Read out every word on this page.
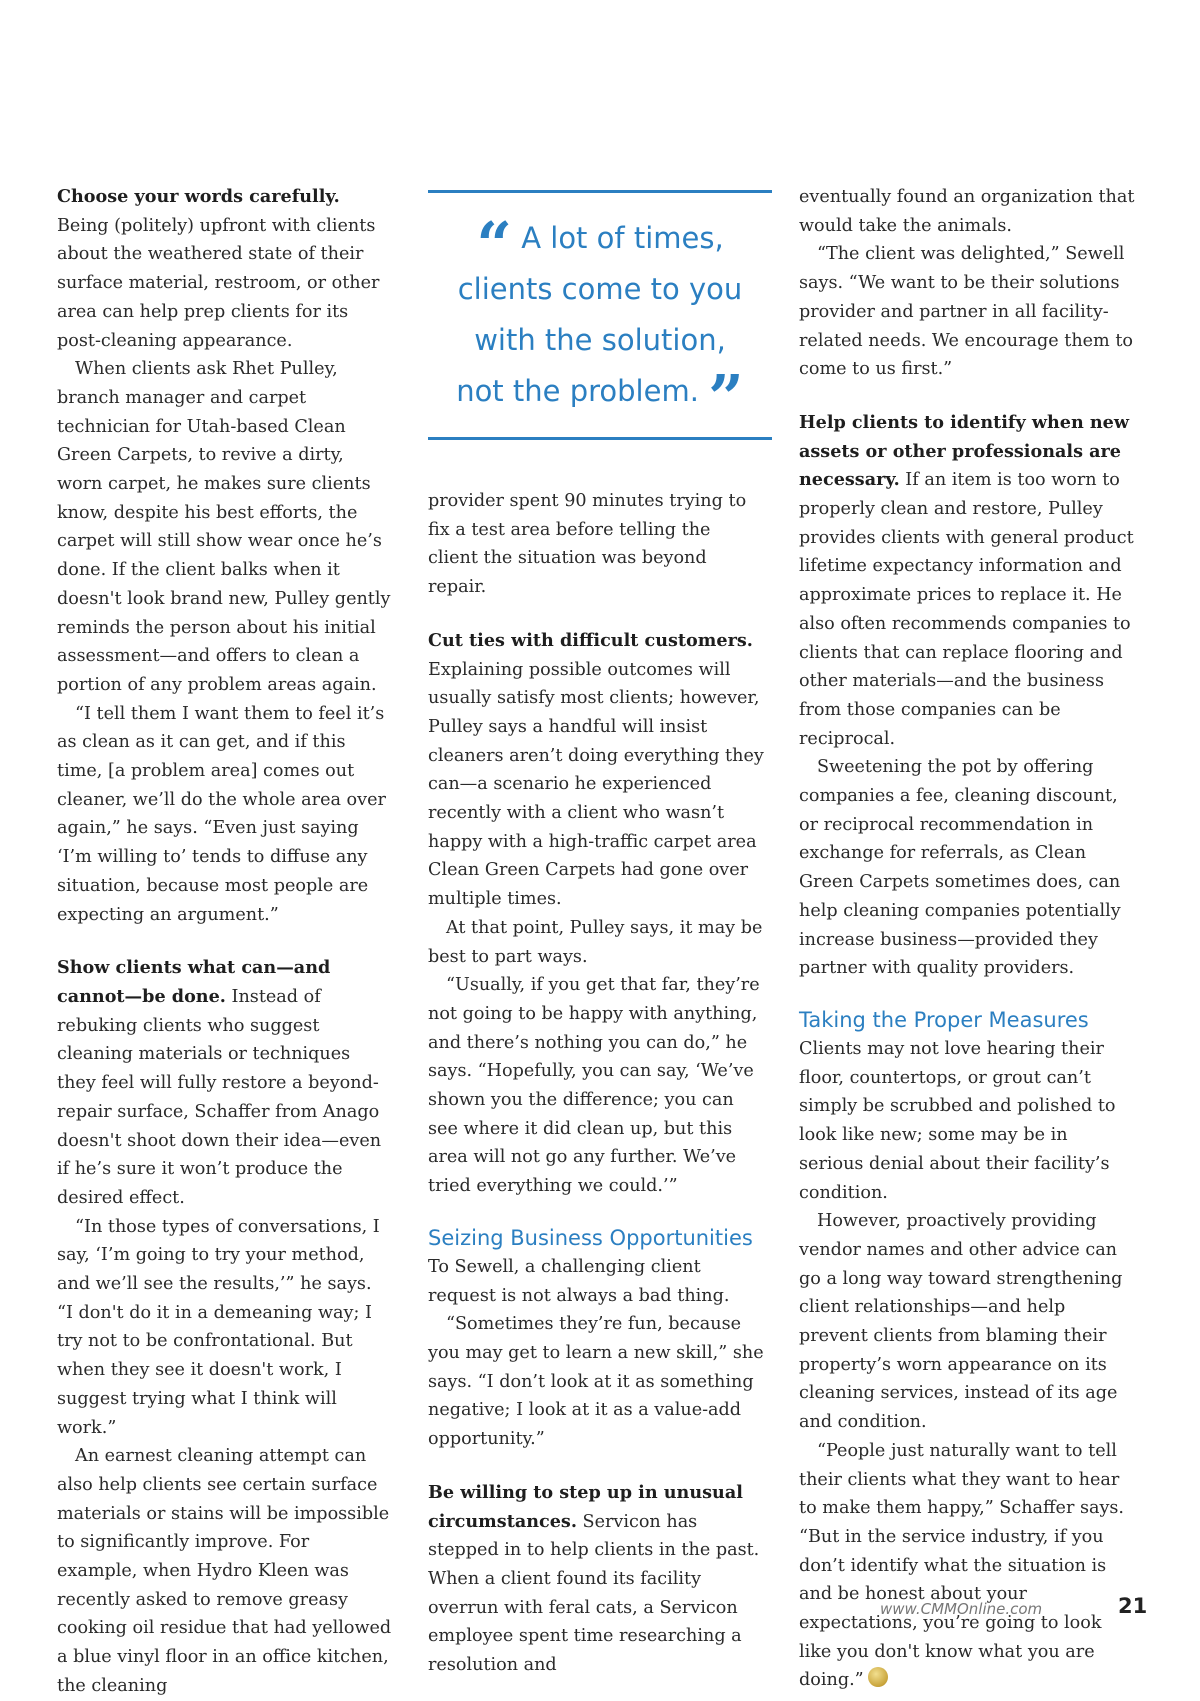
Choose your words carefully. Being (politely) upfront with clients about the weathered state of their surface material, restroom, or other area can help prep clients for its post-cleaning appearance.

When clients ask Rhet Pulley, branch manager and carpet technician for Utah-based Clean Green Carpets, to revive a dirty, worn carpet, he makes sure clients know, despite his best efforts, the carpet will still show wear once he’s done. If the client balks when it doesn't look brand new, Pulley gently reminds the person about his initial assessment—and offers to clean a portion of any problem areas again.

“I tell them I want them to feel it’s as clean as it can get, and if this time, [a problem area] comes out cleaner, we’ll do the whole area over again,” he says. “Even just saying ‘I’m willing to’ tends to diffuse any situation, because most people are expecting an argument.”

Show clients what can—and cannot—be done. Instead of rebuking clients who suggest cleaning materials or techniques they feel will fully restore a beyond-repair surface, Schaffer from Anago doesn't shoot down their idea—even if he’s sure it won’t produce the desired effect.

“In those types of conversations, I say, ‘I’m going to try your method, and we’ll see the results,’” he says. “I don't do it in a demeaning way; I try not to be confrontational. But when they see it doesn't work, I suggest trying what I think will work.”

An earnest cleaning attempt can also help clients see certain surface materials or stains will be impossible to significantly improve. For example, when Hydro Kleen was recently asked to remove greasy cooking oil residue that had yellowed a blue vinyl floor in an office kitchen, the cleaning

“ A lot of times,
clients come to you
with the solution,
not the problem. ”

provider spent 90 minutes trying to fix a test area before telling the client the situation was beyond repair.

Cut ties with difficult customers. Explaining possible outcomes will usually satisfy most clients; however, Pulley says a handful will insist cleaners aren’t doing everything they can—a scenario he experienced recently with a client who wasn’t happy with a high-traffic carpet area Clean Green Carpets had gone over multiple times.

At that point, Pulley says, it may be best to part ways.

“Usually, if you get that far, they’re not going to be happy with anything, and there’s nothing you can do,” he says. “Hopefully, you can say, ‘We’ve shown you the difference; you can see where it did clean up, but this area will not go any further. We’ve tried everything we could.’”

Seizing Business Opportunities

To Sewell, a challenging client request is not always a bad thing.

“Sometimes they’re fun, because you may get to learn a new skill,” she says. “I don’t look at it as something negative; I look at it as a value-add opportunity.”

Be willing to step up in unusual circumstances. Servicon has stepped in to help clients in the past. When a client found its facility overrun with feral cats, a Servicon employee spent time researching a resolution and

eventually found an organization that would take the animals.

“The client was delighted,” Sewell says. “We want to be their solutions provider and partner in all facility-related needs. We encourage them to come to us first.”

Help clients to identify when new assets or other professionals are necessary. If an item is too worn to properly clean and restore, Pulley provides clients with general product lifetime expectancy information and approximate prices to replace it. He also often recommends companies to clients that can replace flooring and other materials—and the business from those companies can be reciprocal.

Sweetening the pot by offering companies a fee, cleaning discount, or reciprocal recommendation in exchange for referrals, as Clean Green Carpets sometimes does, can help cleaning companies potentially increase business—provided they partner with quality providers.

Taking the Proper Measures

Clients may not love hearing their floor, countertops, or grout can’t simply be scrubbed and polished to look like new; some may be in serious denial about their facility’s condition.

However, proactively providing vendor names and other advice can go a long way toward strengthening client relationships—and help prevent clients from blaming their property’s worn appearance on its cleaning services, instead of its age and condition.

“People just naturally want to tell their clients what they want to hear to make them happy,” Schaffer says. “But in the service industry, if you don’t identify what the situation is and be honest about your expectations, you’re going to look like you don't know what you are doing.”

www.CMMOnline.com	21
